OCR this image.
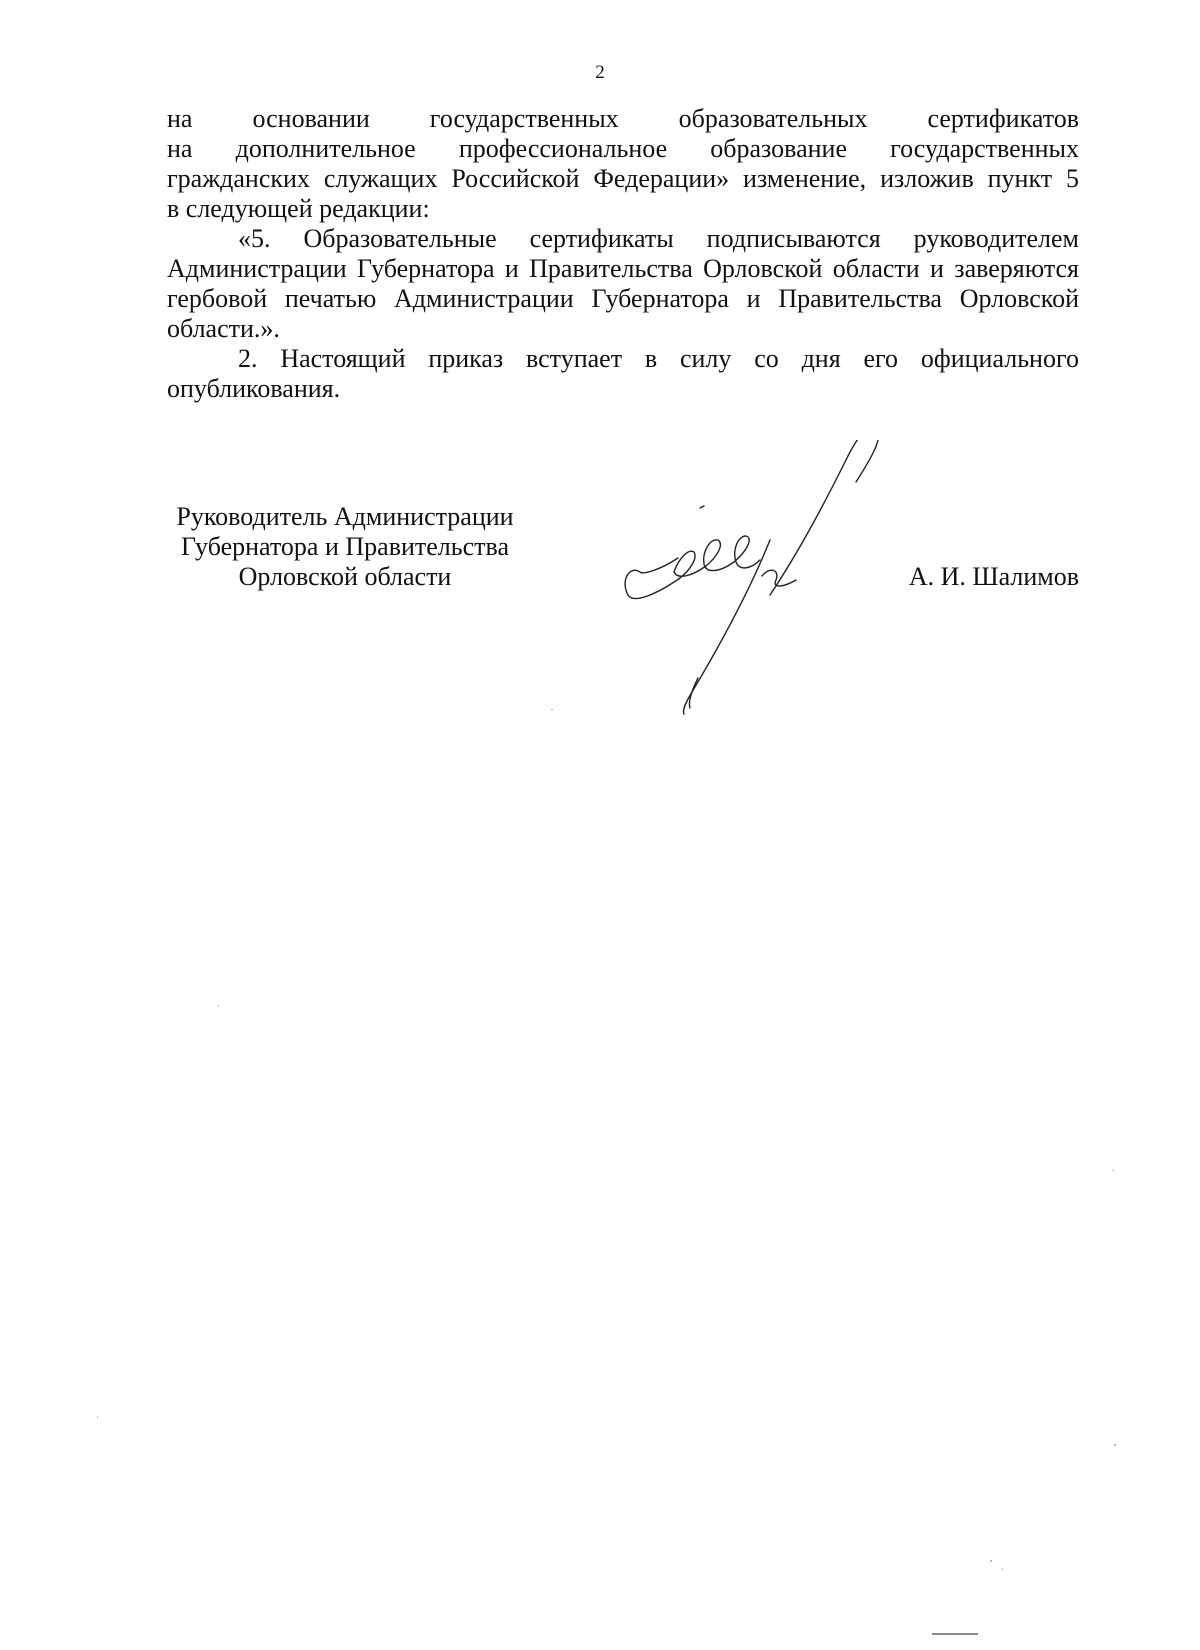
2
на основании государственных образовательных сертификатов
на дополнительное профессиональное образование государственных
гражданских служащих Российской Федерации» изменение, изложив пункт 5
в следующей редакции:
«5. Образовательные сертификаты подписываются руководителем
Администрации Губернатора и Правительства Орловской области и заверяются
гербовой печатью Администрации Губернатора и Правительства Орловской
области.».
2. Настоящий приказ вступает в силу со дня его официального
опубликования.
Руководитель Администрации
Губернатора и Правительства
Орловской области	А. И. Шалимов
